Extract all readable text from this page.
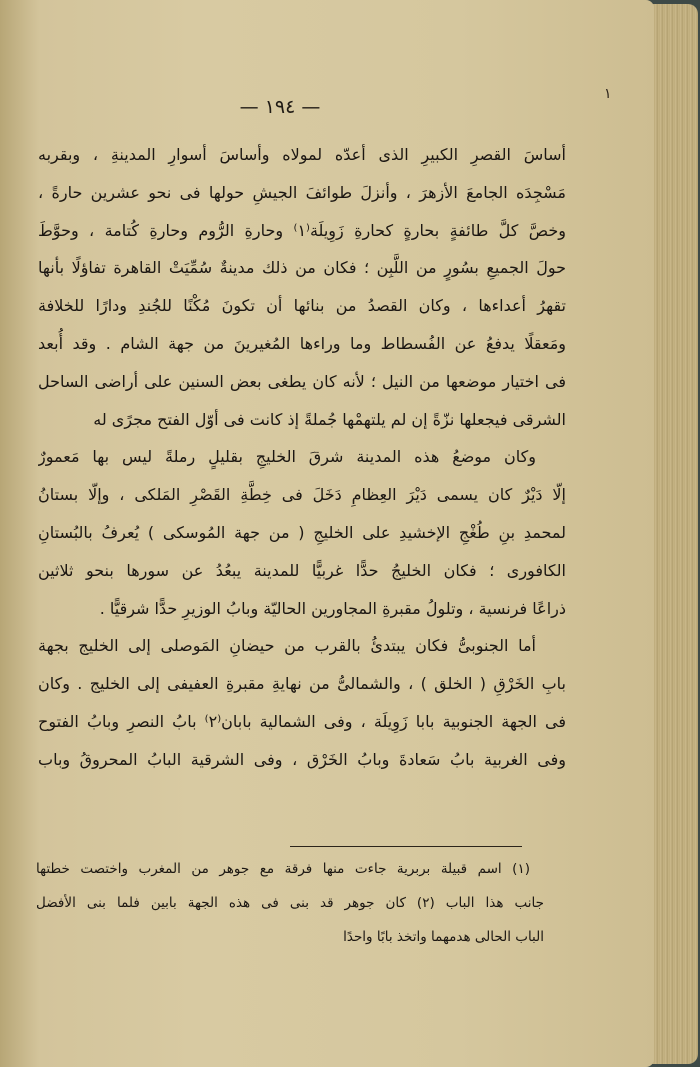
١
— ١٩٤ —
أساسَ القصرِ الكبيرِ الذى أعدّه لمولاه وأساسَ أسوارِ المدينةِ ، وبقربه
مَسْجِدَه الجامعَ الأزهرَ ، وأنزلَ طوائفَ الجيشِ حولها فى نحو عشرين حارةً ،
وخصَّ كلَّ طائفةٍ بحارةٍ كحارةِ زَوِيلَة⁽١⁾ وحارةِ الرُّوم وحارةِ كُتامة ، وحوَّطَ
حولَ الجميعِ بسُورٍ من اللَّبِن ؛ فكان من ذلك مدينةٌ سُمِّيَتْ القاهرة تفاؤلًا بأنها
تقهرُ أعداءها ، وكان القصدُ من بنائها أن تكونَ مُكْنًا للجُندِ ودارًا للخلافة
ومَعقلًا يدفعُ عن الفُسطاط وما وراءها المُغيرينَ من جهة الشام . وقد أُبعد
فى اختيار موضعها من النيل ؛ لأنه كان يطغى بعض السنين على أراضى الساحل
الشرقى فيجعلها نزّةً إن لم يلتهمْها جُملةً إذ كانت فى أوّل الفتح مجرًى له
وكان موضعُ هذه المدينة شرقَ الخليجِ بقليلٍ رملةً ليس بها مَعمورٌ
إلّا دَيْرٌ كان يسمى دَيْرَ العِظامِ دَخَلَ فى خِطَّةِ القَصْرِ المَلكى ، وإلّا بستانُ
لمحمدِ بنِ طُغْجِ الإخشيدِ على الخليجِ ( من جهة المُوسكى ) يُعرفُ بالبُستانِ
الكافورى ؛ فكان الخليجُ حدًّا غربيًّا للمدينة يبعُدُ عن سورها بنحو ثلاثين
ذراعًا فرنسية ، وتلولُ مقبرةِ المجاورين الحاليّة وبابُ الوزيرِ حدًّا شرقيًّا .
أما الجنوبىُّ فكان يبتدئُ بالقرب من حيضانِ المَوصلى إلى الخليج بجهة
بابِ الخَرْقِ ( الخلق ) ، والشمالىُّ من نهايةِ مقبرةِ العفيفى إلى الخليج . وكان
فى الجهة الجنوبية بابا زَوِيلَة ، وفى الشمالية بابان⁽٢⁾ بابُ النصرِ وبابُ الفتوح
وفى الغربية بابُ سَعادةَ وبابُ الخَرْق ، وفى الشرقية البابُ المحروقُ وباب
(١) اسم قبيلة بربرية جاءت منها فرقة مع جوهر من المغرب واختصت خطتها
جانب هذا الباب (٢) كان جوهر قد بنى فى هذه الجهة بابين فلما بنى الأفضل
الباب الحالى هدمهما واتخذ بابًا واحدًا
